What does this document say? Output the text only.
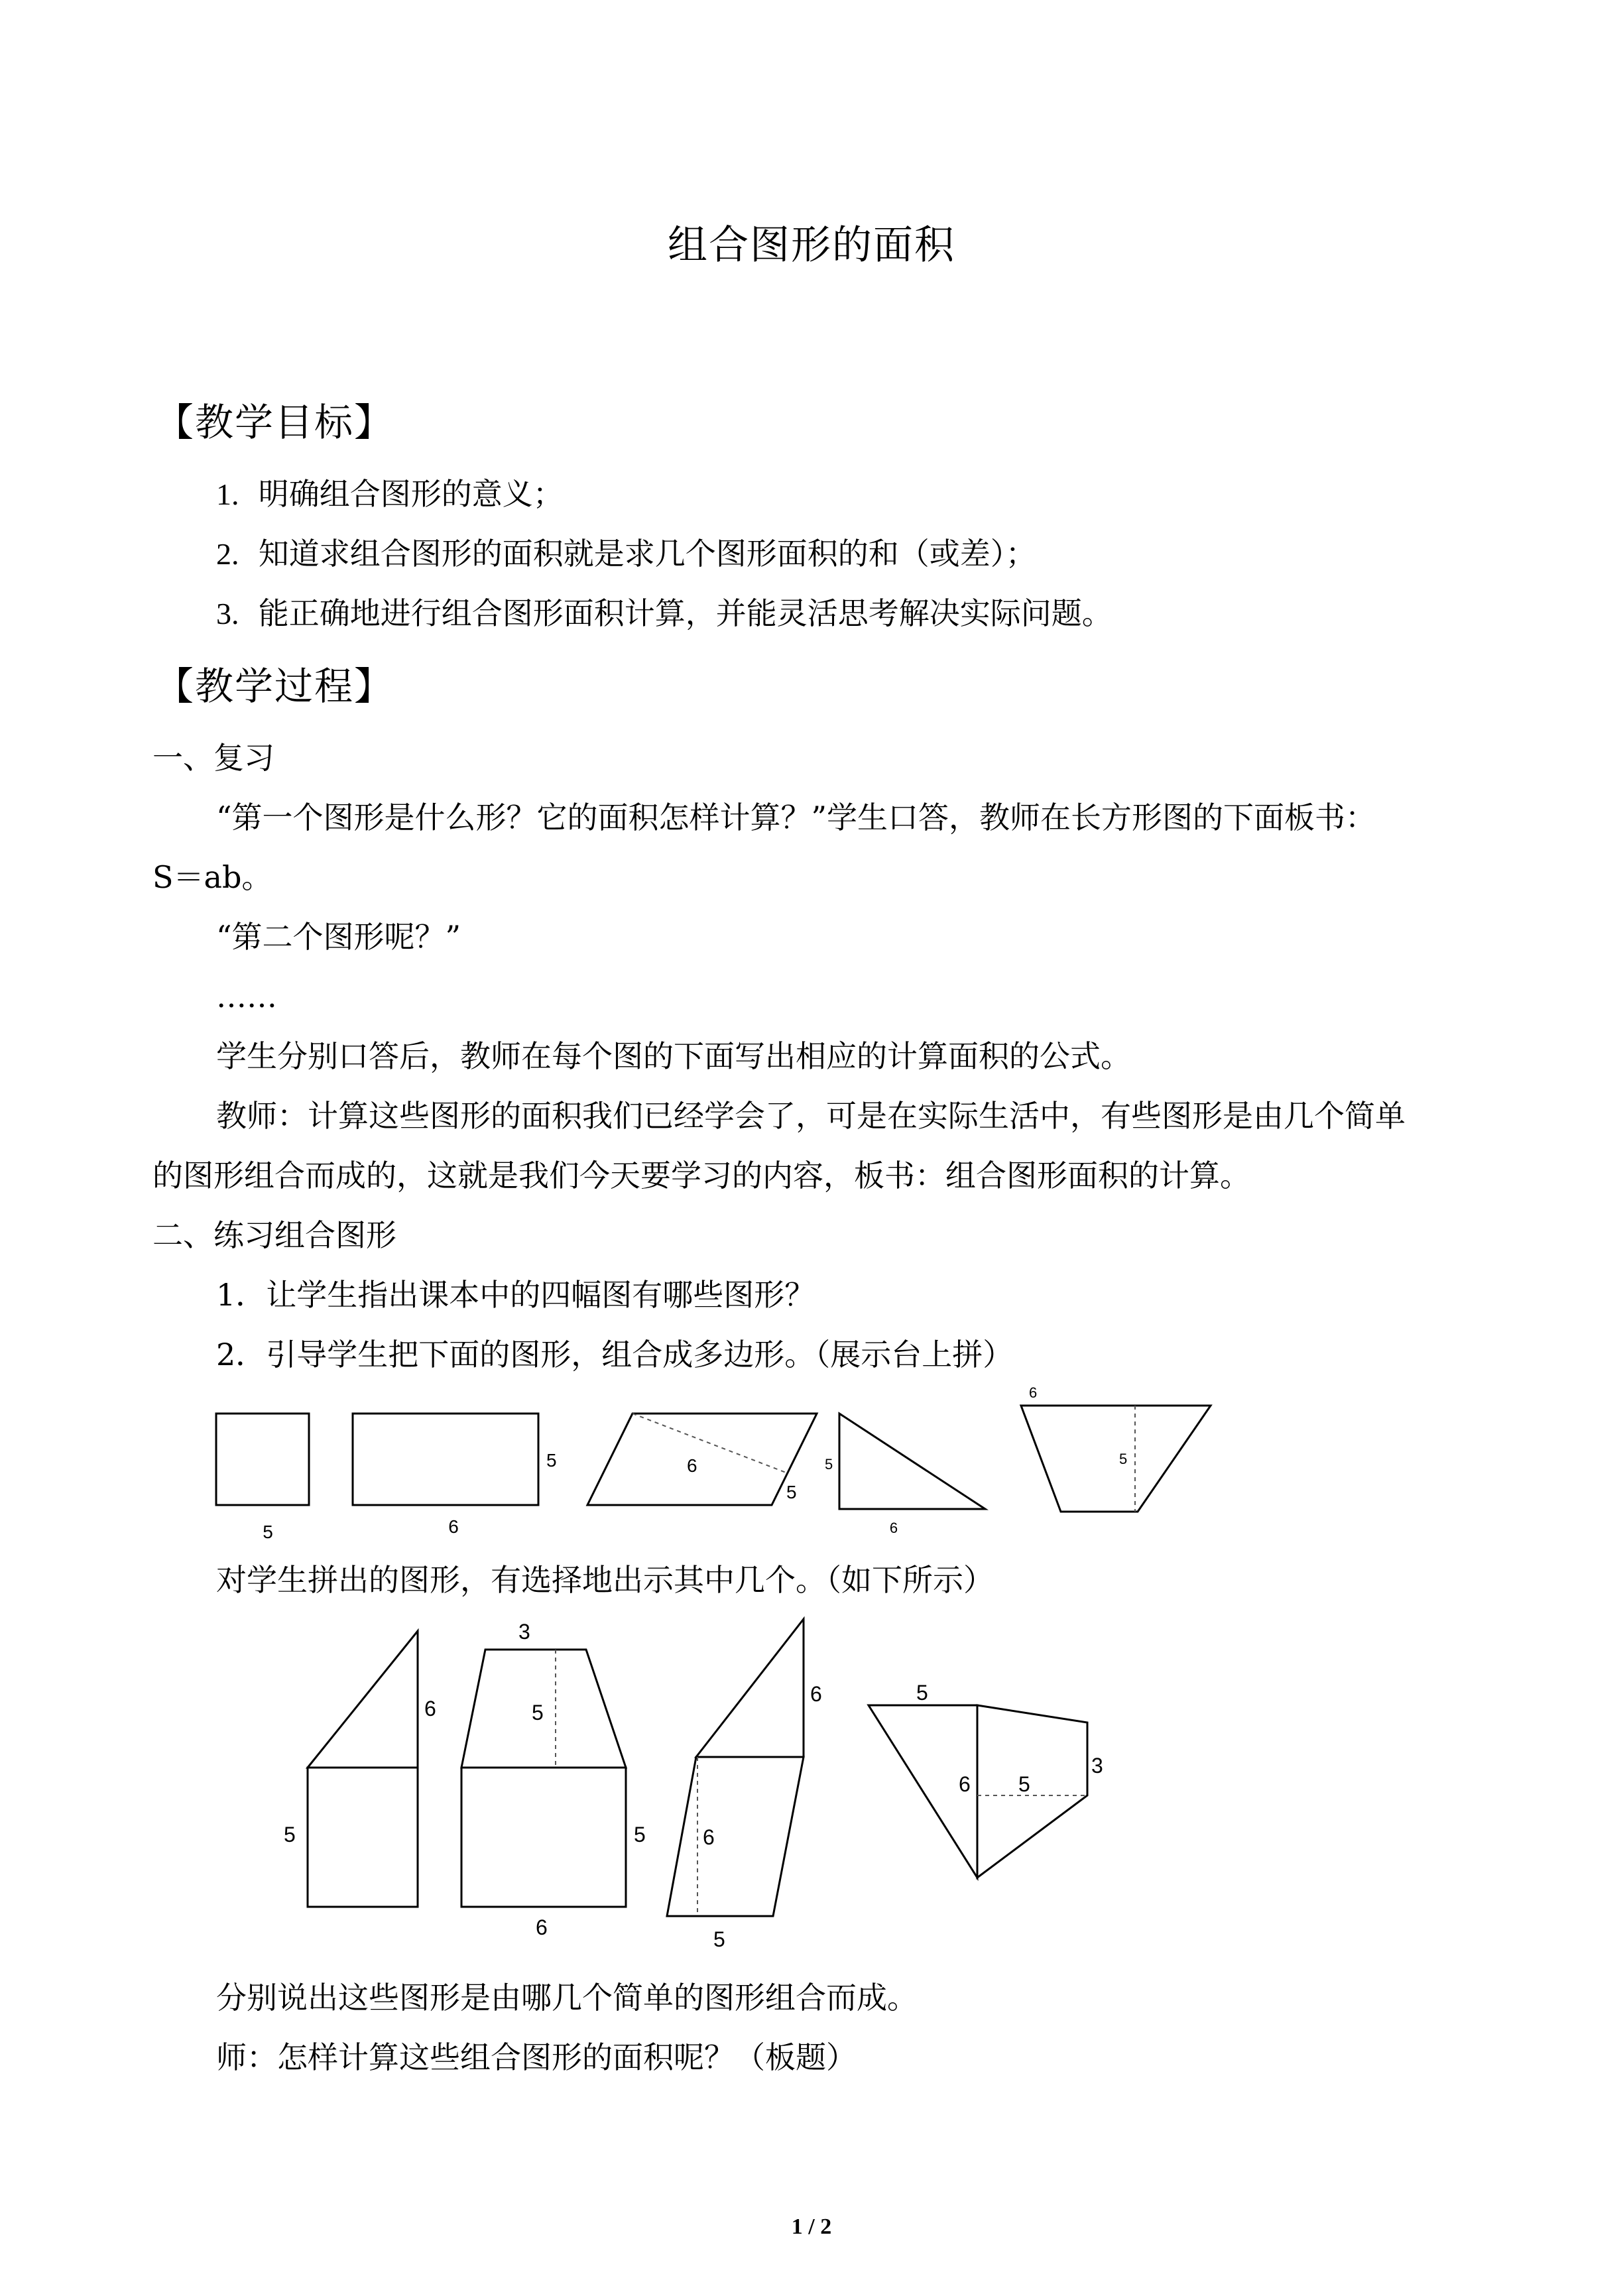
组合图形的面积
【教学目标】
1. 明确组合图形的意义；
2. 知道求组合图形的面积就是求几个图形面积的和（或差）；
3. 能正确地进行组合图形面积计算，并能灵活思考解决实际问题。
【教学过程】
一、复习
“第一个图形是什么形？它的面积怎样计算？”学生口答，教师在长方形图的下面板书：
S＝ab。
“第二个图形呢？”
……
学生分别口答后，教师在每个图的下面写出相应的计算面积的公式。
教师：计算这些图形的面积我们已经学会了，可是在实际生活中，有些图形是由几个简单
的图形组合而成的，这就是我们今天要学习的内容，板书：组合图形面积的计算。
二、练习组合图形
1．让学生指出课本中的四幅图有哪些图形？
2．引导学生把下面的图形，组合成多边形。（展示台上拼）
5
5
6
6
5
5
6
6
5
对学生拼出的图形，有选择地出示其中几个。（如下所示）
6
5
3
5
5
6
6
6
5
5
6 5
3
分别说出这些图形是由哪几个简单的图形组合而成。
师：怎样计算这些组合图形的面积呢？（板题）
1 / 2
